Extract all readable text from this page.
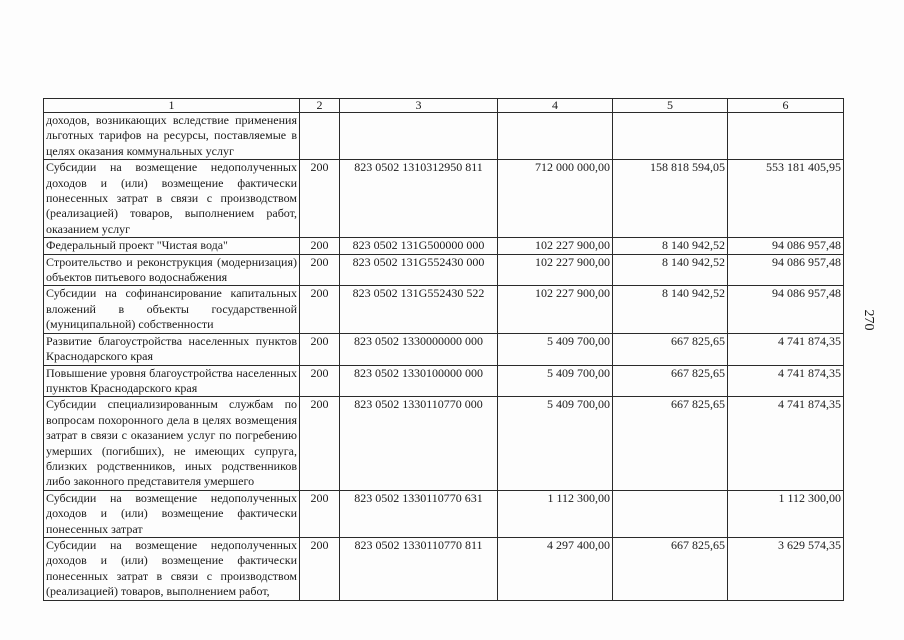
1	2	3	4	5	6
доходов, возникающих вследствие применения льготных тарифов на ресурсы, поставляемые в целях оказания коммунальных услуг					
Субсидии на возмещение недополученных доходов и (или) возмещение фактически понесенных затрат в связи с производством (реализацией) товаров, выполнением работ, оказанием услуг	200	823 0502 1310312950 811	712 000 000,00	158 818 594,05	553 181 405,95
Федеральный проект "Чистая вода"	200	823 0502 131G500000 000	102 227 900,00	8 140 942,52	94 086 957,48
Строительство и реконструкция (модернизация) объектов питьевого водоснабжения	200	823 0502 131G552430 000	102 227 900,00	8 140 942,52	94 086 957,48
Субсидии на софинансирование капитальных вложений в объекты государственной (муниципальной) собственности	200	823 0502 131G552430 522	102 227 900,00	8 140 942,52	94 086 957,48
Развитие благоустройства населенных пунктов Краснодарского края	200	823 0502 1330000000 000	5 409 700,00	667 825,65	4 741 874,35
Повышение уровня благоустройства населенных пунктов Краснодарского края	200	823 0502 1330100000 000	5 409 700,00	667 825,65	4 741 874,35
Субсидии специализированным службам по вопросам похоронного дела в целях возмещения затрат в связи с оказанием услуг по погребению умерших (погибших), не имеющих супруга, близких родственников, иных родственников либо законного представителя умершего	200	823 0502 1330110770 000	5 409 700,00	667 825,65	4 741 874,35
Субсидии на возмещение недополученных доходов и (или) возмещение фактически понесенных затрат	200	823 0502 1330110770 631	1 112 300,00		1 112 300,00
Субсидии на возмещение недополученных доходов и (или) возмещение фактически понесенных затрат в связи с производством (реализацией) товаров, выполнением работ,	200	823 0502 1330110770 811	4 297 400,00	667 825,65	3 629 574,35
270
